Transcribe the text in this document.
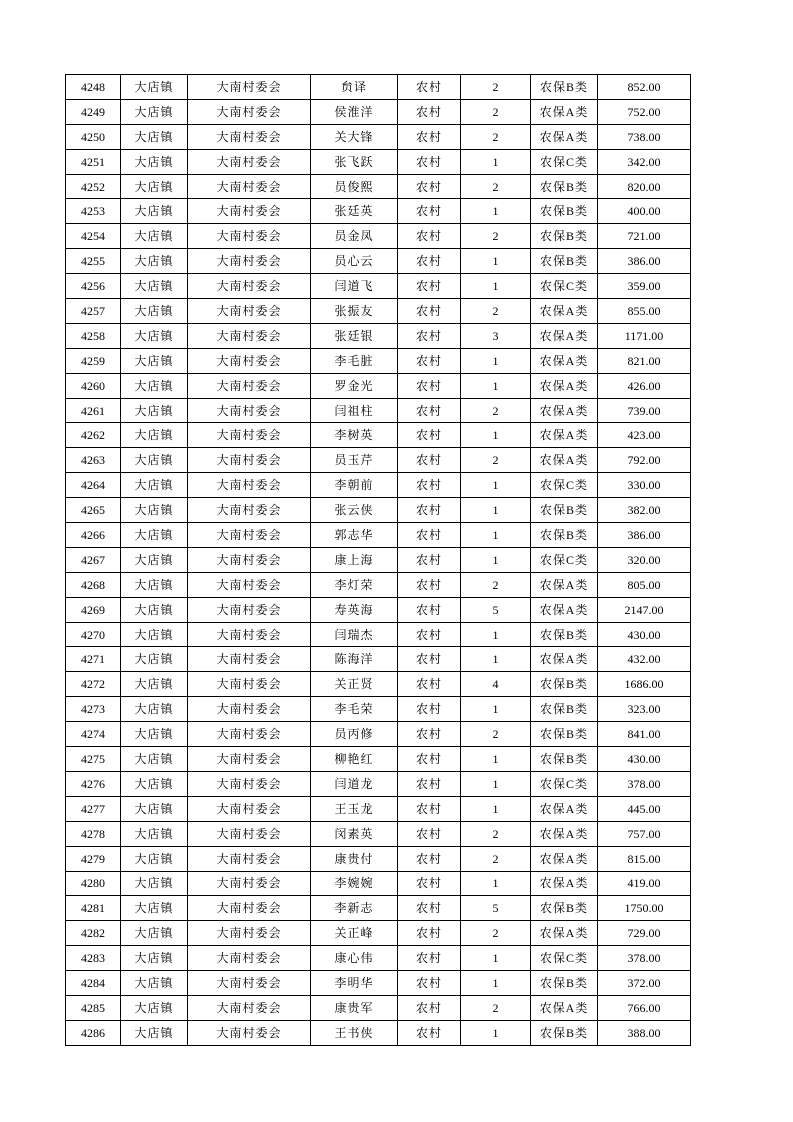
4248	大店镇	大南村委会	贠译	农村	2	农保B类	852.00
4249	大店镇	大南村委会	侯淮洋	农村	2	农保A类	752.00
4250	大店镇	大南村委会	关大锋	农村	2	农保A类	738.00
4251	大店镇	大南村委会	张飞跃	农村	1	农保C类	342.00
4252	大店镇	大南村委会	员俊熙	农村	2	农保B类	820.00
4253	大店镇	大南村委会	张廷英	农村	1	农保B类	400.00
4254	大店镇	大南村委会	员金凤	农村	2	农保B类	721.00
4255	大店镇	大南村委会	员心云	农村	1	农保B类	386.00
4256	大店镇	大南村委会	闫道飞	农村	1	农保C类	359.00
4257	大店镇	大南村委会	张振友	农村	2	农保A类	855.00
4258	大店镇	大南村委会	张廷银	农村	3	农保A类	1171.00
4259	大店镇	大南村委会	李毛脏	农村	1	农保A类	821.00
4260	大店镇	大南村委会	罗金光	农村	1	农保A类	426.00
4261	大店镇	大南村委会	闫祖柱	农村	2	农保A类	739.00
4262	大店镇	大南村委会	李树英	农村	1	农保A类	423.00
4263	大店镇	大南村委会	员玉芹	农村	2	农保A类	792.00
4264	大店镇	大南村委会	李朝前	农村	1	农保C类	330.00
4265	大店镇	大南村委会	张云侠	农村	1	农保B类	382.00
4266	大店镇	大南村委会	郭志华	农村	1	农保B类	386.00
4267	大店镇	大南村委会	康上海	农村	1	农保C类	320.00
4268	大店镇	大南村委会	李灯荣	农村	2	农保A类	805.00
4269	大店镇	大南村委会	寿英海	农村	5	农保A类	2147.00
4270	大店镇	大南村委会	闫瑞杰	农村	1	农保B类	430.00
4271	大店镇	大南村委会	陈海洋	农村	1	农保A类	432.00
4272	大店镇	大南村委会	关正贤	农村	4	农保B类	1686.00
4273	大店镇	大南村委会	李毛荣	农村	1	农保B类	323.00
4274	大店镇	大南村委会	员丙修	农村	2	农保B类	841.00
4275	大店镇	大南村委会	柳艳红	农村	1	农保B类	430.00
4276	大店镇	大南村委会	闫道龙	农村	1	农保C类	378.00
4277	大店镇	大南村委会	王玉龙	农村	1	农保A类	445.00
4278	大店镇	大南村委会	闵素英	农村	2	农保A类	757.00
4279	大店镇	大南村委会	康贵付	农村	2	农保A类	815.00
4280	大店镇	大南村委会	李婉婉	农村	1	农保A类	419.00
4281	大店镇	大南村委会	李新志	农村	5	农保B类	1750.00
4282	大店镇	大南村委会	关正峰	农村	2	农保A类	729.00
4283	大店镇	大南村委会	康心伟	农村	1	农保C类	378.00
4284	大店镇	大南村委会	李明华	农村	1	农保B类	372.00
4285	大店镇	大南村委会	康贵军	农村	2	农保A类	766.00
4286	大店镇	大南村委会	王书侠	农村	1	农保B类	388.00
